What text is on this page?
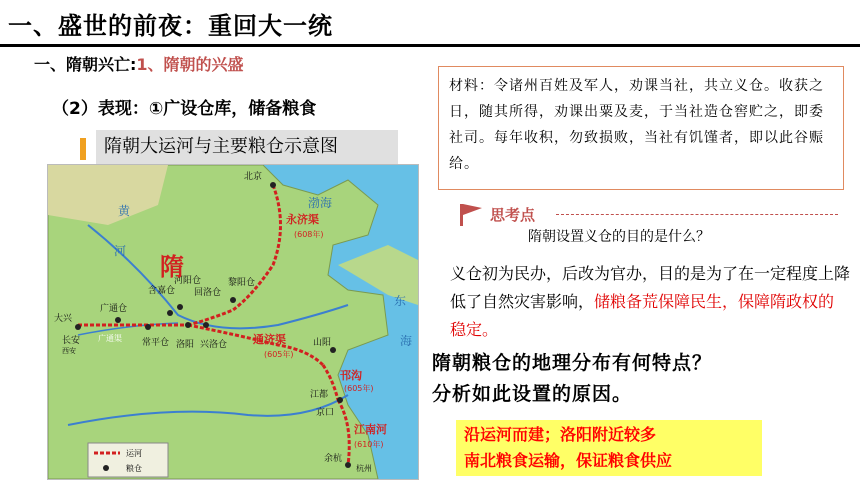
一、盛世的前夜：重回大一统
一、隋朝兴亡:1、隋朝的兴盛
（2）表现：①广设仓库，储备粮食
隋朝大运河与主要粮仓示意图
北京
大兴
长安
西安
广通仓
广通渠 常平仓
含嘉仓
河阳仓
回洛仓
洛阳 兴洛仓
黎阳仓
山阳
江都
京口
余杭
杭州
永济渠
通济渠
邗沟
江南河
(608年)
(605年)
(605年)
(610年)
隋
黄
渤海
东
河
海
运河
粮仓
材料：令诸州百姓及军人，劝课当社，共立义仓。收获之日，随其所得，劝课出粟及麦，于当社造仓窖贮之，即委社司。每年收积，勿致损败，当社有饥馑者，即以此谷赈给。
思考点
隋朝设置义仓的目的是什么？
义仓初为民办，后改为官办，目的是为了在一定程度上降低了自然灾害影响，储粮备荒保障民生，保障隋政权的稳定。
隋朝粮仓的地理分布有何特点？
分析如此设置的原因。
沿运河而建；洛阳附近较多
南北粮食运输，保证粮食供应
